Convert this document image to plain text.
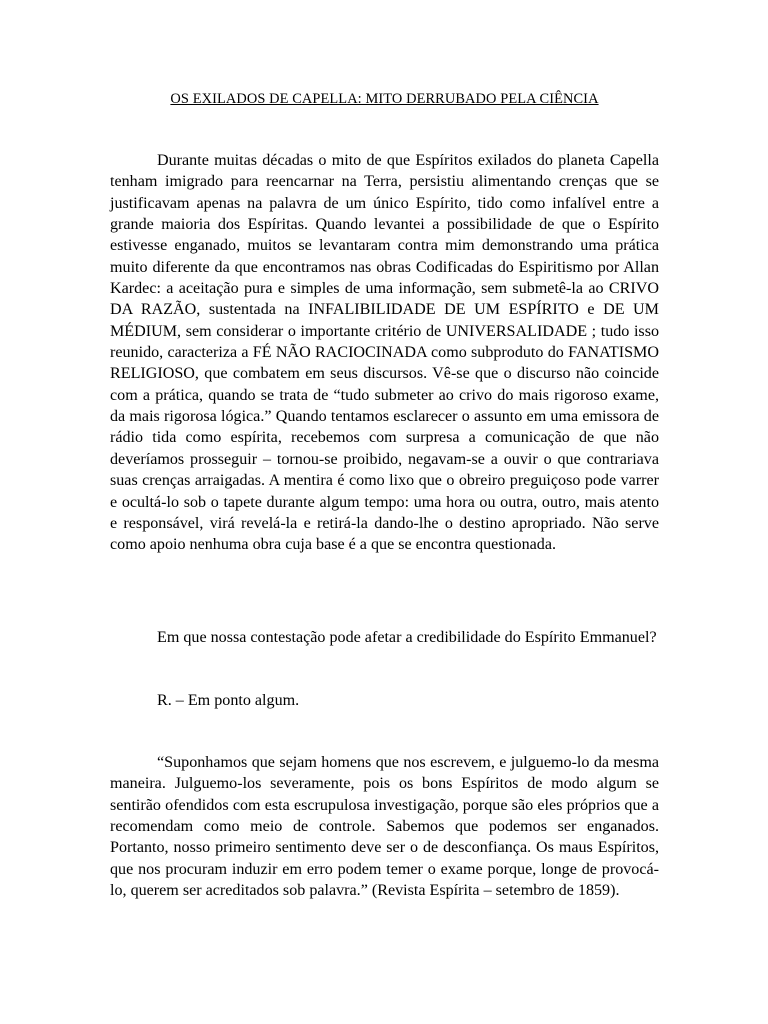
OS EXILADOS DE CAPELLA: MITO DERRUBADO PELA CIÊNCIA

Durante muitas décadas o mito de que Espíritos exilados do planeta Capella tenham imigrado para reencarnar na Terra, persistiu alimentando crenças que se justificavam apenas na palavra de um único Espírito, tido como infalível entre a grande maioria dos Espíritas. Quando levantei a possibilidade de que o Espírito estivesse enganado, muitos se levantaram contra mim demonstrando uma prática muito diferente da que encontramos nas obras Codificadas do Espiritismo por Allan Kardec: a aceitação pura e simples de uma informação, sem submetê-la ao CRIVO DA RAZÃO, sustentada na INFALIBILIDADE DE UM ESPÍRITO e DE UM MÉDIUM, sem considerar o importante critério de UNIVERSALIDADE ; tudo isso reunido, caracteriza a FÉ NÃO RACIOCINADA como subproduto do FANATISMO RELIGIOSO, que combatem em seus discursos. Vê-se que o discurso não coincide com a prática, quando se trata de “tudo submeter ao crivo do mais rigoroso exame, da mais rigorosa lógica.” Quando tentamos esclarecer o assunto em uma emissora de rádio tida como espírita, recebemos com surpresa a comunicação de que não deveríamos prosseguir – tornou-se proibido, negavam-se a ouvir o que contrariava suas crenças arraigadas. A mentira é como lixo que o obreiro preguiçoso pode varrer e ocultá-lo sob o tapete durante algum tempo: uma hora ou outra, outro, mais atento e responsável, virá revelá-la e retirá-la dando-lhe o destino apropriado. Não serve como apoio nenhuma obra cuja base é a que se encontra questionada.

Em que nossa contestação pode afetar a credibilidade do Espírito Emmanuel?

R. – Em ponto algum.

“Suponhamos que sejam homens que nos escrevem, e julguemo-lo da mesma maneira. Julguemo-los severamente, pois os bons Espíritos de modo algum se sentirão ofendidos com esta escrupulosa investigação, porque são eles próprios que a recomendam como meio de controle. Sabemos que podemos ser enganados. Portanto, nosso primeiro sentimento deve ser o de desconfiança. Os maus Espíritos, que nos procuram induzir em erro podem temer o exame porque, longe de provocá-lo, querem ser acreditados sob palavra.” (Revista Espírita – setembro de 1859).
